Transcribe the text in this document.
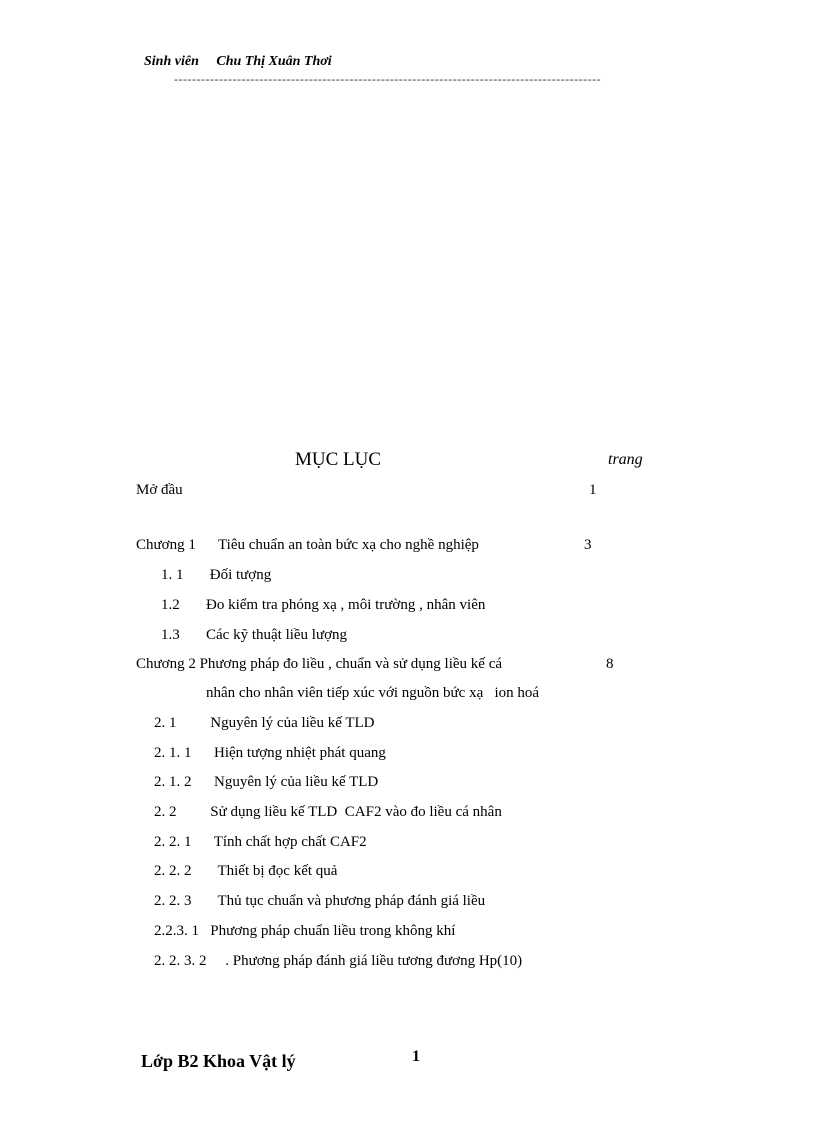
Sinh viên Chu Thị Xuân Thơi
-----------------------------------------------------------------------------------------------
MỤC LỤC	trang
Mở đầu	1
Chương 1      Tiêu chuẩn an toàn bức xạ cho nghề nghiệp	3
1. 1       Đối tượng
1.2       Đo kiểm tra phóng xạ , môi trường , nhân viên
1.3       Các kỹ thuật liều lượng
Chương 2 Phương pháp đo liều , chuẩn và sử dụng liều kế cá	8
nhân cho nhân viên tiếp xúc với nguồn bức xạ   ion hoá
2. 1         Nguyên lý của liều kế TLD
2. 1. 1      Hiện tượng nhiệt phát quang
2. 1. 2      Nguyên lý của liều kế TLD
2. 2         Sử dụng liều kế TLD  CAF2 vào đo liều cá nhân
2. 2. 1      Tính chất hợp chất CAF2
2. 2. 2       Thiết bị đọc kết quả
2. 2. 3       Thủ tục chuẩn và phương pháp đánh giá liều
2.2.3. 1   Phương pháp chuẩn liều trong không khí
2. 2. 3. 2     . Phương pháp đánh giá liều tương đương Hp(10)
Lớp B2 Khoa Vật lý	1
